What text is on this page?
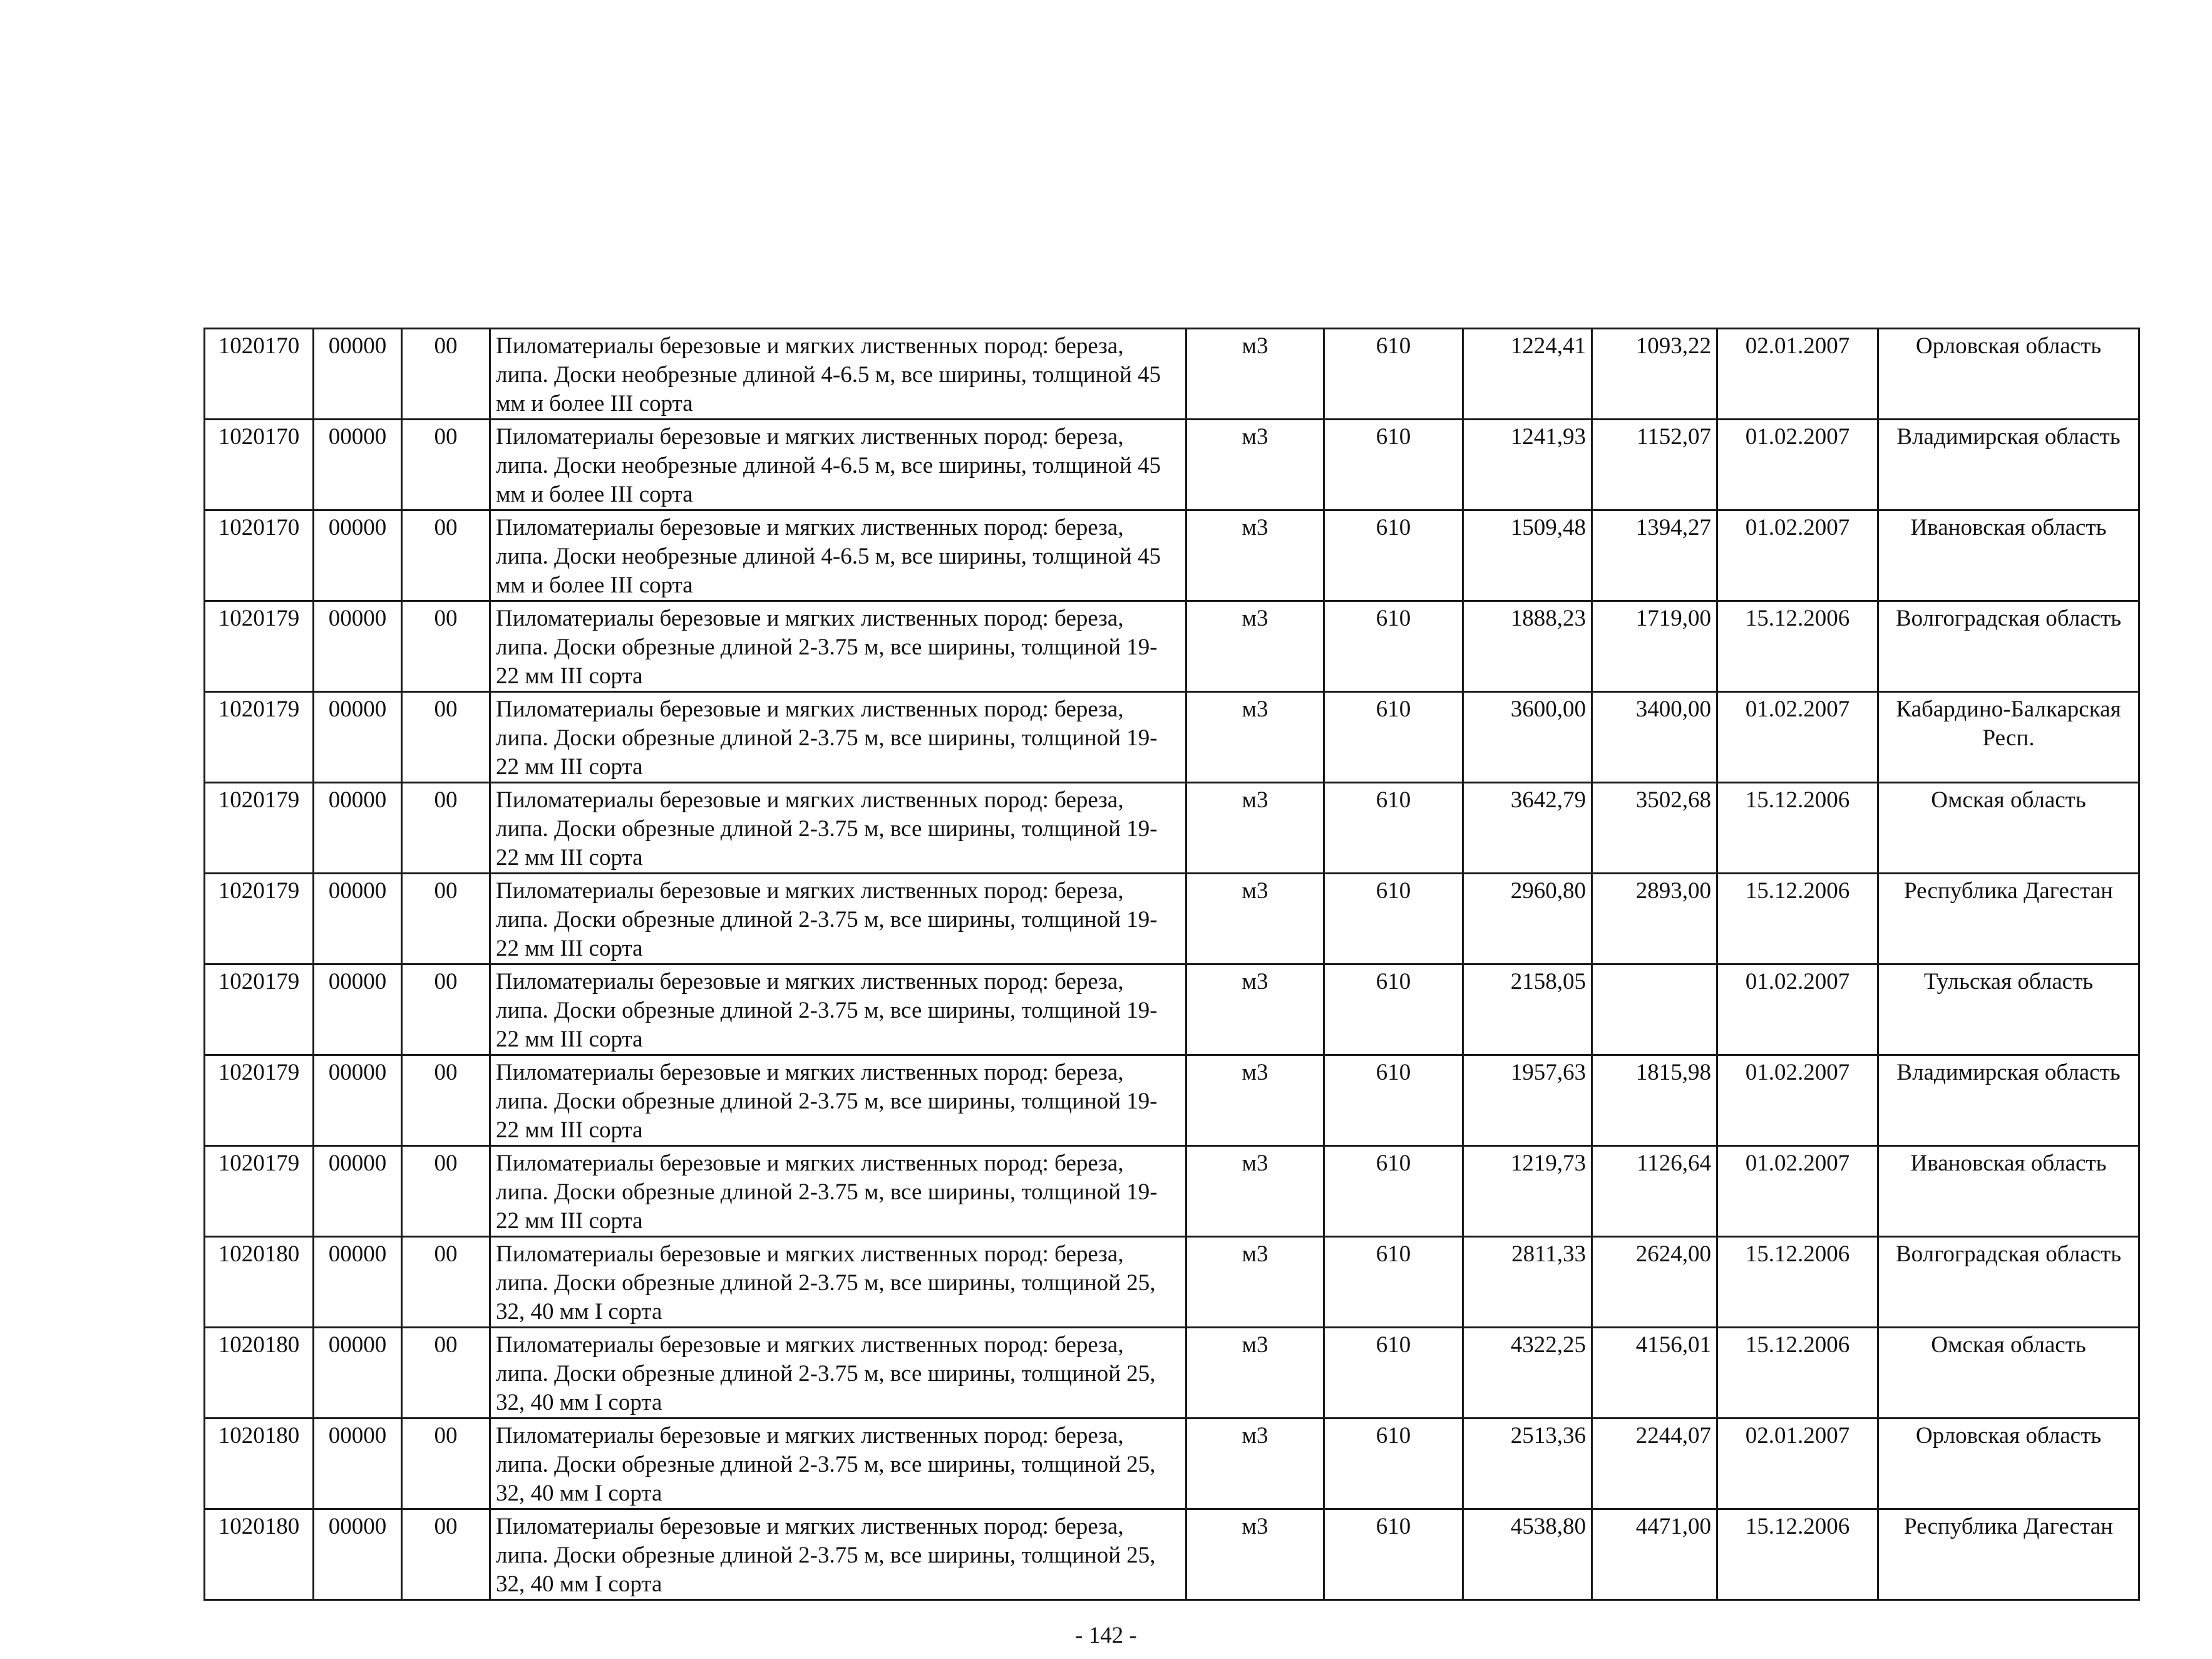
1020170	00000	00	Пиломатериалы березовые и мягких лиственных пород: береза, липа. Доски необрезные длиной 4-6.5 м, все ширины, толщиной 45 мм и более III сорта	м3	610	1224,41	1093,22	02.01.2007	Орловская область
1020170	00000	00	Пиломатериалы березовые и мягких лиственных пород: береза, липа. Доски необрезные длиной 4-6.5 м, все ширины, толщиной 45 мм и более III сорта	м3	610	1241,93	1152,07	01.02.2007	Владимирская область
1020170	00000	00	Пиломатериалы березовые и мягких лиственных пород: береза, липа. Доски необрезные длиной 4-6.5 м, все ширины, толщиной 45 мм и более III сорта	м3	610	1509,48	1394,27	01.02.2007	Ивановская область
1020179	00000	00	Пиломатериалы березовые и мягких лиственных пород: береза, липа. Доски обрезные длиной 2-3.75 м, все ширины, толщиной 19-22 мм III сорта	м3	610	1888,23	1719,00	15.12.2006	Волгоградская область
1020179	00000	00	Пиломатериалы березовые и мягких лиственных пород: береза, липа. Доски обрезные длиной 2-3.75 м, все ширины, толщиной 19-22 мм III сорта	м3	610	3600,00	3400,00	01.02.2007	Кабардино-Балкарская Респ.
1020179	00000	00	Пиломатериалы березовые и мягких лиственных пород: береза, липа. Доски обрезные длиной 2-3.75 м, все ширины, толщиной 19-22 мм III сорта	м3	610	3642,79	3502,68	15.12.2006	Омская область
1020179	00000	00	Пиломатериалы березовые и мягких лиственных пород: береза, липа. Доски обрезные длиной 2-3.75 м, все ширины, толщиной 19-22 мм III сорта	м3	610	2960,80	2893,00	15.12.2006	Республика Дагестан
1020179	00000	00	Пиломатериалы березовые и мягких лиственных пород: береза, липа. Доски обрезные длиной 2-3.75 м, все ширины, толщиной 19-22 мм III сорта	м3	610	2158,05		01.02.2007	Тульская область
1020179	00000	00	Пиломатериалы березовые и мягких лиственных пород: береза, липа. Доски обрезные длиной 2-3.75 м, все ширины, толщиной 19-22 мм III сорта	м3	610	1957,63	1815,98	01.02.2007	Владимирская область
1020179	00000	00	Пиломатериалы березовые и мягких лиственных пород: береза, липа. Доски обрезные длиной 2-3.75 м, все ширины, толщиной 19-22 мм III сорта	м3	610	1219,73	1126,64	01.02.2007	Ивановская область
1020180	00000	00	Пиломатериалы березовые и мягких лиственных пород: береза, липа. Доски обрезные длиной 2-3.75 м, все ширины, толщиной 25, 32, 40 мм I сорта	м3	610	2811,33	2624,00	15.12.2006	Волгоградская область
1020180	00000	00	Пиломатериалы березовые и мягких лиственных пород: береза, липа. Доски обрезные длиной 2-3.75 м, все ширины, толщиной 25, 32, 40 мм I сорта	м3	610	4322,25	4156,01	15.12.2006	Омская область
1020180	00000	00	Пиломатериалы березовые и мягких лиственных пород: береза, липа. Доски обрезные длиной 2-3.75 м, все ширины, толщиной 25, 32, 40 мм I сорта	м3	610	2513,36	2244,07	02.01.2007	Орловская область
1020180	00000	00	Пиломатериалы березовые и мягких лиственных пород: береза, липа. Доски обрезные длиной 2-3.75 м, все ширины, толщиной 25, 32, 40 мм I сорта	м3	610	4538,80	4471,00	15.12.2006	Республика Дагестан
- 142 -
